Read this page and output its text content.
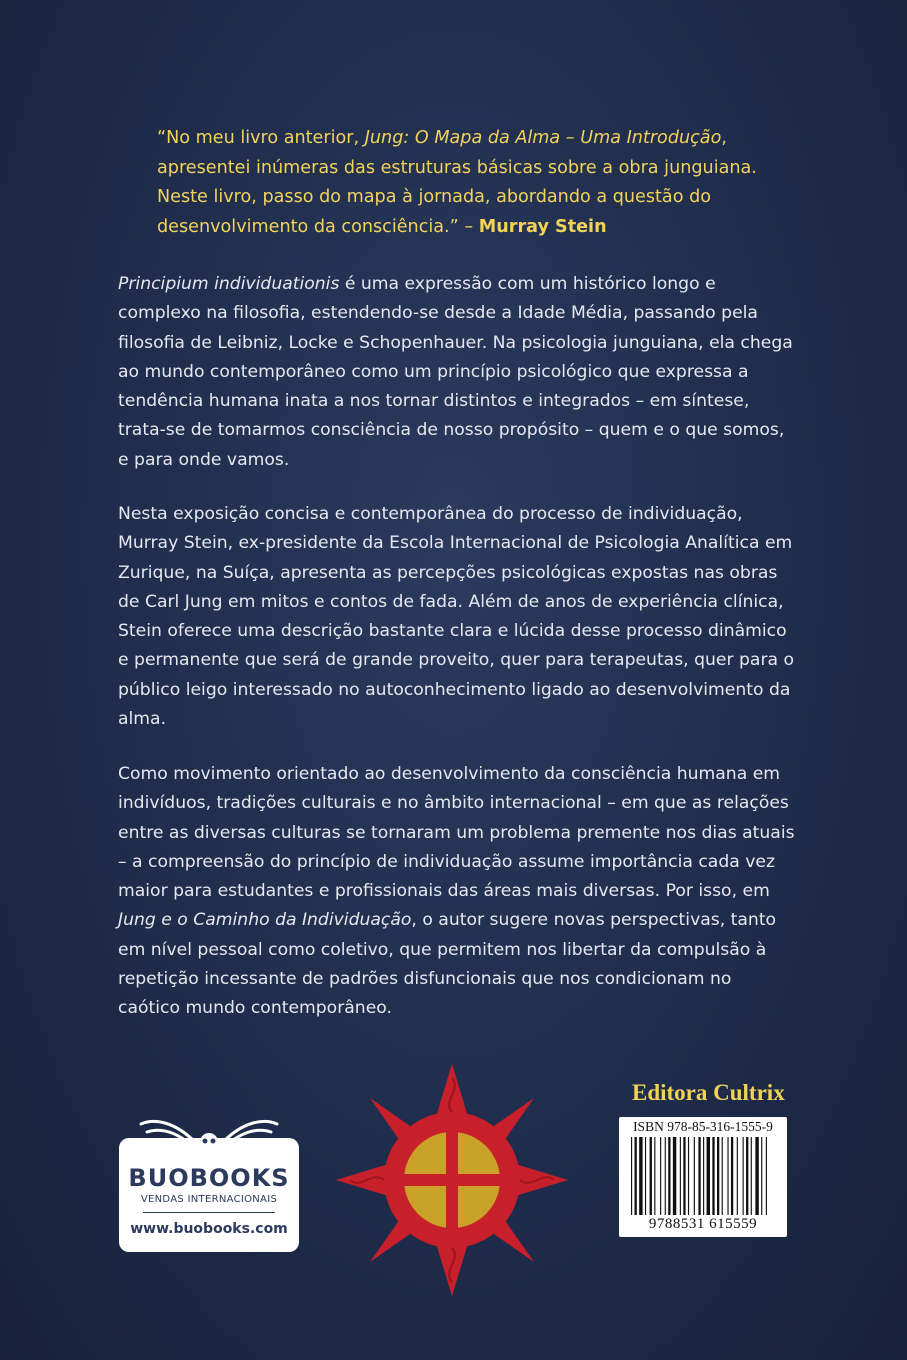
“No meu livro anterior, Jung: O Mapa da Alma – Uma Introdução, apresentei inúmeras das estruturas básicas sobre a obra junguiana. Neste livro, passo do mapa à jornada, abordando a questão do desenvolvimento da consciência.” – Murray Stein

Principium individuationis é uma expressão com um histórico longo e complexo na filosofia, estendendo-se desde a Idade Média, passando pela filosofia de Leibniz, Locke e Schopenhauer. Na psicologia junguiana, ela chega ao mundo contemporâneo como um princípio psicológico que expressa a tendência humana inata a nos tornar distintos e integrados – em síntese, trata-se de tomarmos consciência de nosso propósito – quem e o que somos, e para onde vamos.

Nesta exposição concisa e contemporânea do processo de individuação, Murray Stein, ex-presidente da Escola Internacional de Psicologia Analítica em Zurique, na Suíça, apresenta as percepções psicológicas expostas nas obras de Carl Jung em mitos e contos de fada. Além de anos de experiência clínica, Stein oferece uma descrição bastante clara e lúcida desse processo dinâmico e permanente que será de grande proveito, quer para terapeutas, quer para o público leigo interessado no autoconhecimento ligado ao desenvolvimento da alma.

Como movimento orientado ao desenvolvimento da consciência humana em indivíduos, tradições culturais e no âmbito internacional – em que as relações entre as diversas culturas se tornaram um problema premente nos dias atuais – a compreensão do princípio de individuação assume importância cada vez maior para estudantes e profissionais das áreas mais diversas. Por isso, em Jung e o Caminho da Individuação, o autor sugere novas perspectivas, tanto em nível pessoal como coletivo, que permitem nos libertar da compulsão à repetição incessante de padrões disfuncionais que nos condicionam no caótico mundo contemporâneo.

BUOBOOKS
VENDAS INTERNACIONAIS
www.buobooks.com
Editora Cultrix
ISBN 978-85-316-1555-9
9788531 615559
